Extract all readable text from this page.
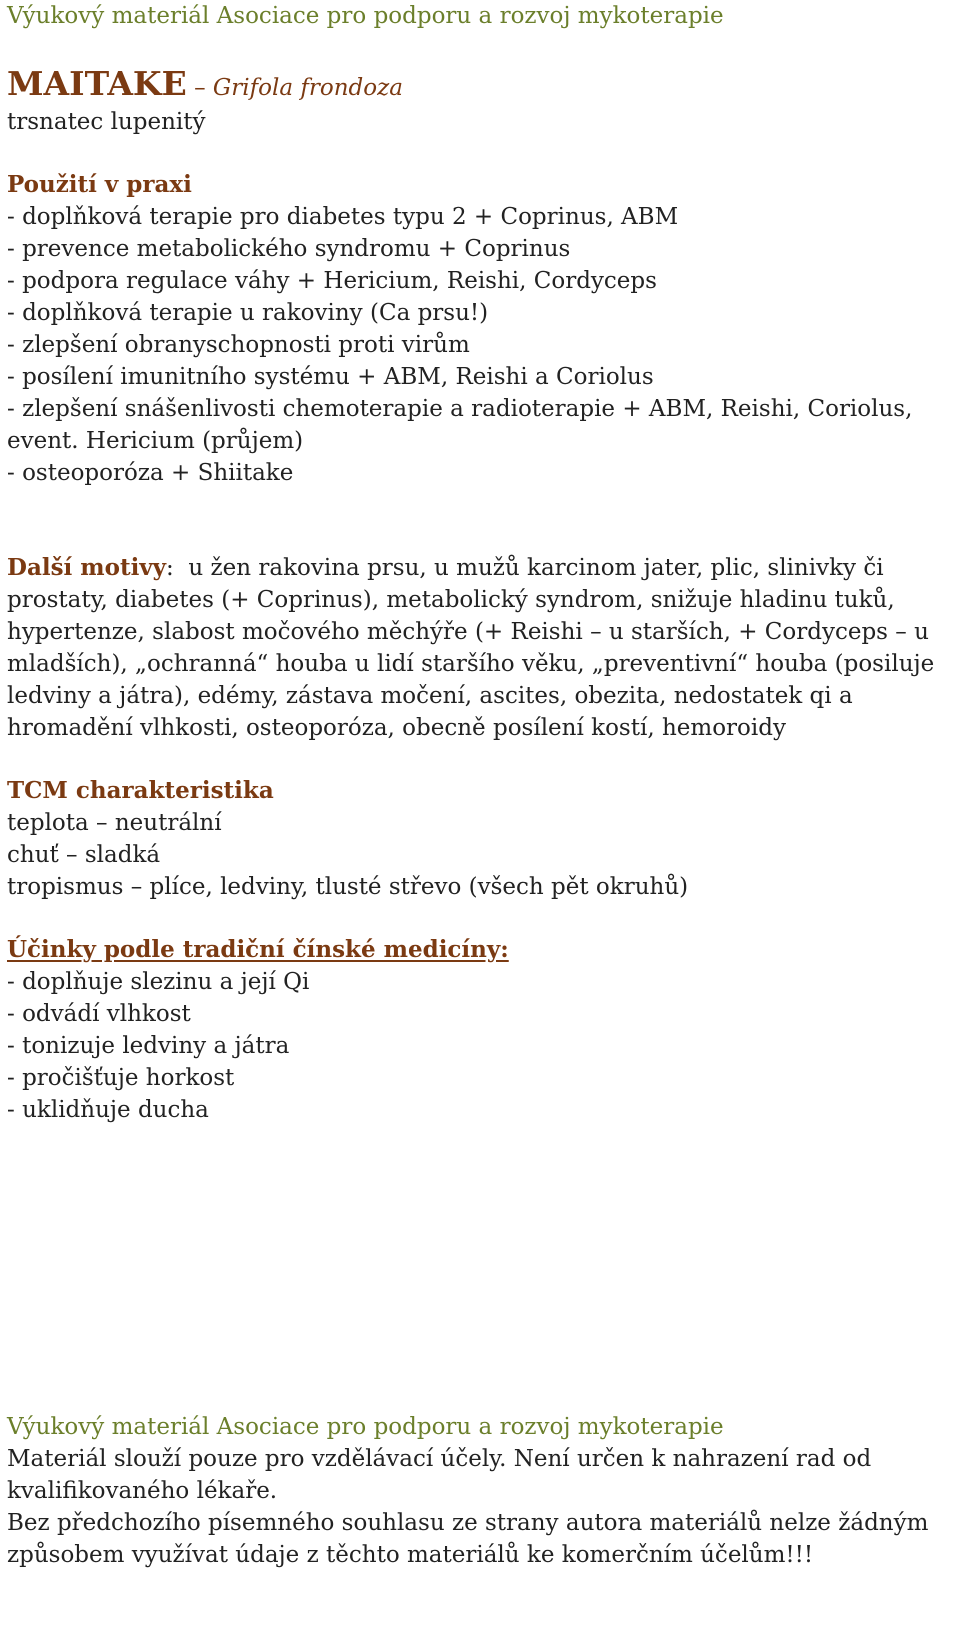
Výukový materiál Asociace pro podporu a rozvoj mykoterapie
MAITAKE – Grifola frondoza
trsnatec lupenitý
Použití v praxi
- doplňková terapie pro diabetes typu 2 + Coprinus, ABM
- prevence metabolického syndromu + Coprinus
- podpora regulace váhy + Hericium, Reishi, Cordyceps
- doplňková terapie u rakoviny (Ca prsu!)
- zlepšení obranyschopnosti proti virům
- posílení imunitního systému + ABM, Reishi a Coriolus
- zlepšení snášenlivosti chemoterapie a radioterapie + ABM, Reishi, Coriolus,
event. Hericium (průjem)
- osteoporóza + Shiitake
Další motivy: u žen rakovina prsu, u mužů karcinom jater, plic, slinivky či
prostaty, diabetes (+ Coprinus), metabolický syndrom, snižuje hladinu tuků,
hypertenze, slabost močového měchýře (+ Reishi – u starších, + Cordyceps – u
mladších), „ochranná“ houba u lidí staršího věku, „preventivní“ houba (posiluje
ledviny a játra), edémy, zástava močení, ascites, obezita, nedostatek qi a
hromadění vlhkosti, osteoporóza, obecně posílení kostí, hemoroidy
TCM charakteristika
teplota – neutrální
chuť – sladká
tropismus – plíce, ledviny, tlusté střevo (všech pět okruhů)
Účinky podle tradiční čínské medicíny:
- doplňuje slezinu a její Qi
- odvádí vlhkost
- tonizuje ledviny a játra
- pročišťuje horkost
- uklidňuje ducha
Výukový materiál Asociace pro podporu a rozvoj mykoterapie
Materiál slouží pouze pro vzdělávací účely. Není určen k nahrazení rad od
kvalifikovaného lékaře.
Bez předchozího písemného souhlasu ze strany autora materiálů nelze žádným
způsobem využívat údaje z těchto materiálů ke komerčním účelům!!!
